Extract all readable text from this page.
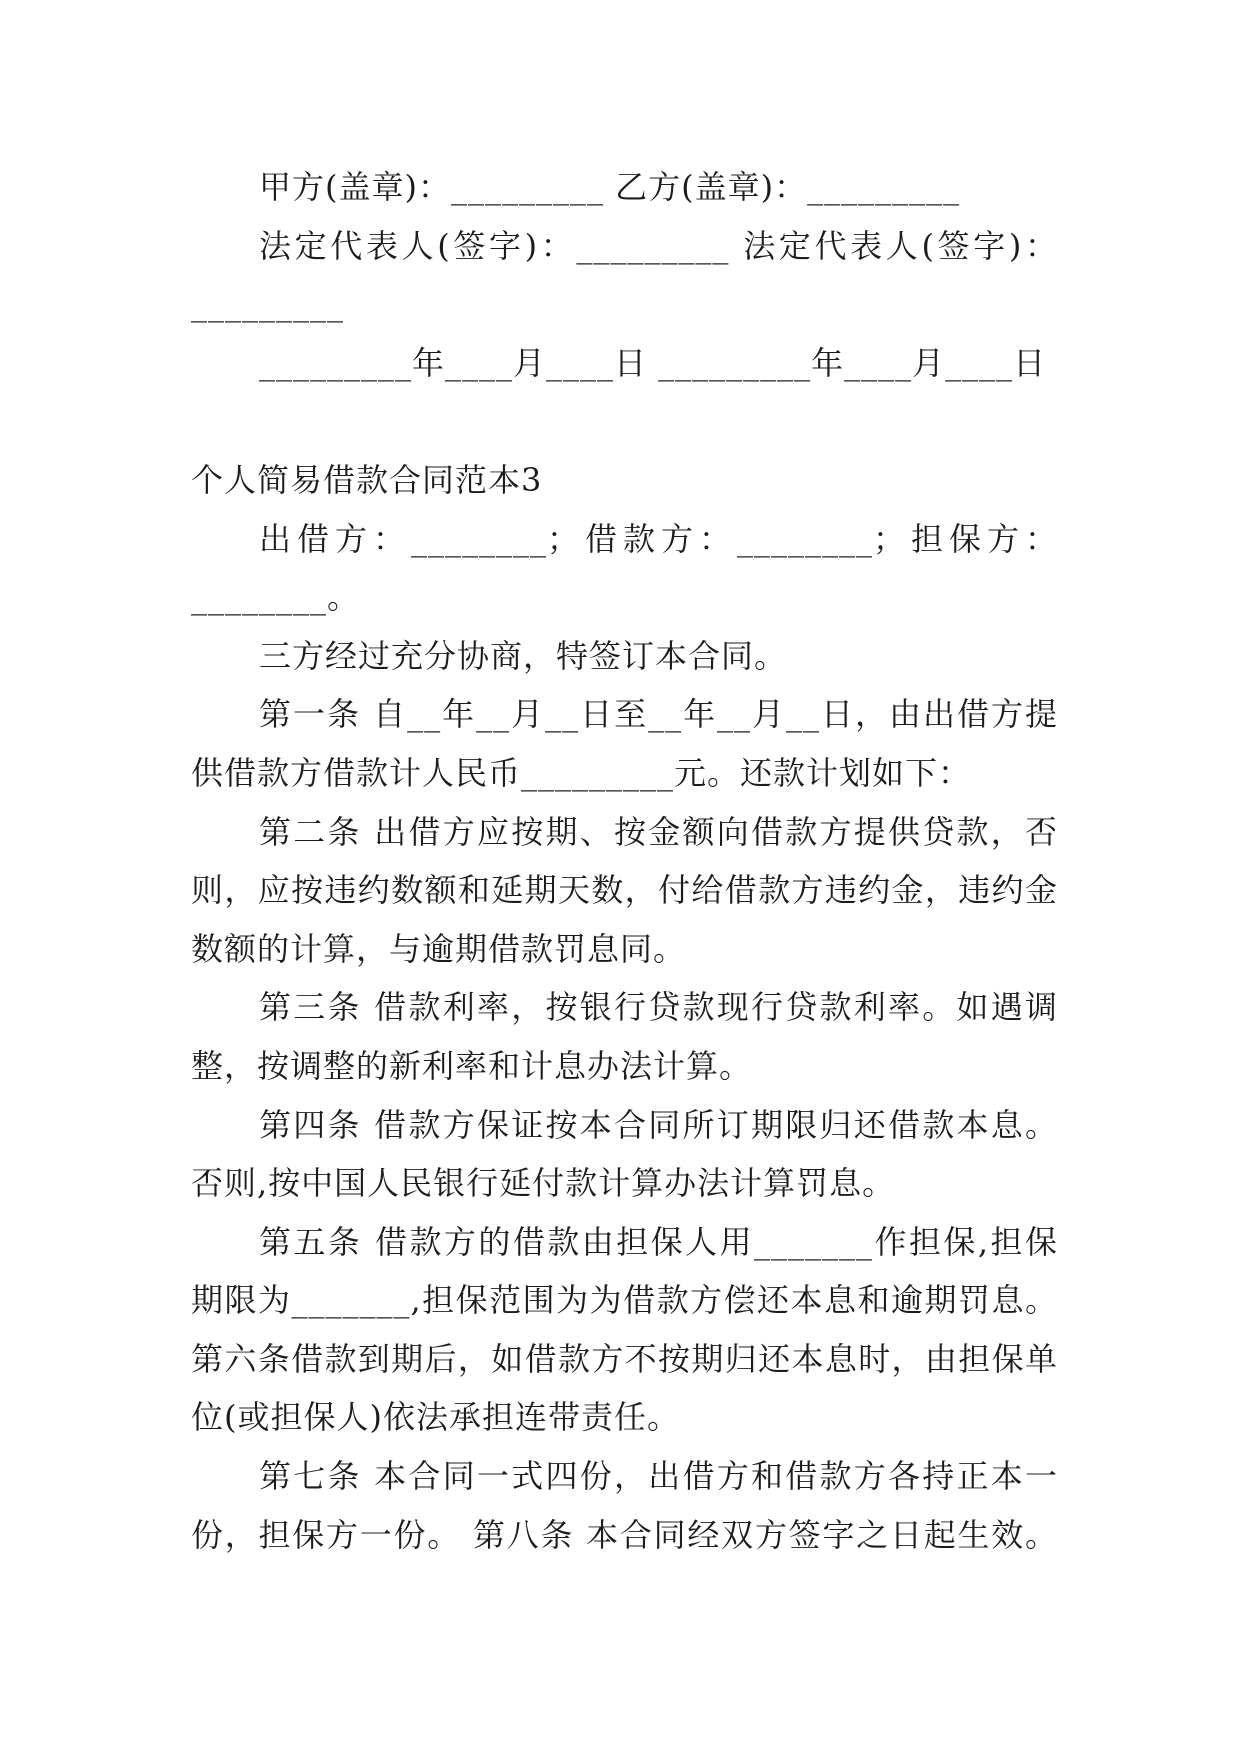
甲方(盖章)：_________ 乙方(盖章)：_________
法定代表人(签字)：_________ 法定代表人(签字)：
_________
_________年____月____日 _________年____月____日
个人简易借款合同范本3
出借方：________；借款方：________；担保方：
________。
三方经过充分协商，特签订本合同。
第一条 自__年__月__日至__年__月__日，由出借方提
供借款方借款计人民币_________元。还款计划如下：
第二条 出借方应按期、按金额向借款方提供贷款，否
则，应按违约数额和延期天数，付给借款方违约金，违约金
数额的计算，与逾期借款罚息同。
第三条 借款利率，按银行贷款现行贷款利率。如遇调
整，按调整的新利率和计息办法计算。
第四条 借款方保证按本合同所订期限归还借款本息。
否则,按中国人民银行延付款计算办法计算罚息。
第五条 借款方的借款由担保人用_______作担保,担保
期限为_______,担保范围为为借款方偿还本息和逾期罚息。
第六条借款到期后，如借款方不按期归还本息时，由担保单
位(或担保人)依法承担连带责任。
第七条 本合同一式四份，出借方和借款方各持正本一
份，担保方一份。 第八条 本合同经双方签字之日起生效。
